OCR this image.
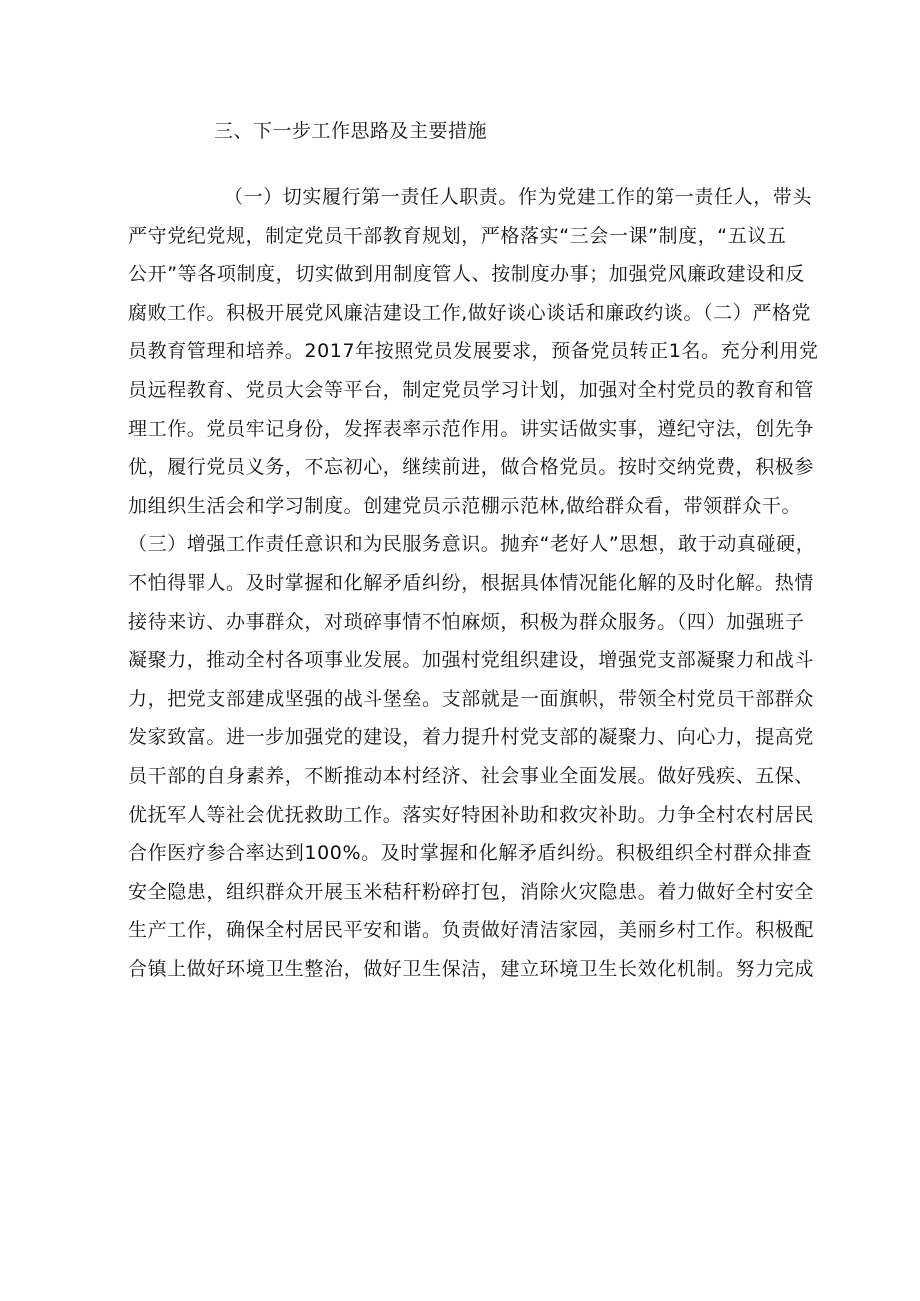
三、下一步工作思路及主要措施
（一）切实履行第一责任人职责。作为党建工作的第一责任人，带头
严守党纪党规，制定党员干部教育规划，严格落实“三会一课”制度，“五议五
公开”等各项制度，切实做到用制度管人、按制度办事；加强党风廉政建设和反
腐败工作。积极开展党风廉洁建设工作,做好谈心谈话和廉政约谈。（二）严格党
员教育管理和培养。2017年按照党员发展要求，预备党员转正1名。充分利用党
员远程教育、党员大会等平台，制定党员学习计划，加强对全村党员的教育和管
理工作。党员牢记身份，发挥表率示范作用。讲实话做实事，遵纪守法，创先争
优，履行党员义务，不忘初心，继续前进，做合格党员。按时交纳党费，积极参
加组织生活会和学习制度。创建党员示范棚示范林,做给群众看，带领群众干。
（三）增强工作责任意识和为民服务意识。抛弃“老好人”思想，敢于动真碰硬，
不怕得罪人。及时掌握和化解矛盾纠纷，根据具体情况能化解的及时化解。热情
接待来访、办事群众，对琐碎事情不怕麻烦，积极为群众服务。（四）加强班子
凝聚力，推动全村各项事业发展。加强村党组织建设，增强党支部凝聚力和战斗
力，把党支部建成坚强的战斗堡垒。支部就是一面旗帜，带领全村党员干部群众
发家致富。进一步加强党的建设，着力提升村党支部的凝聚力、向心力，提高党
员干部的自身素养，不断推动本村经济、社会事业全面发展。做好残疾、五保、
优抚军人等社会优抚救助工作。落实好特困补助和救灾补助。力争全村农村居民
合作医疗参合率达到100%。及时掌握和化解矛盾纠纷。积极组织全村群众排查
安全隐患，组织群众开展玉米秸秆粉碎打包，消除火灾隐患。着力做好全村安全
生产工作，确保全村居民平安和谐。负责做好清洁家园，美丽乡村工作。积极配
合镇上做好环境卫生整治，做好卫生保洁，建立环境卫生长效化机制。努力完成
